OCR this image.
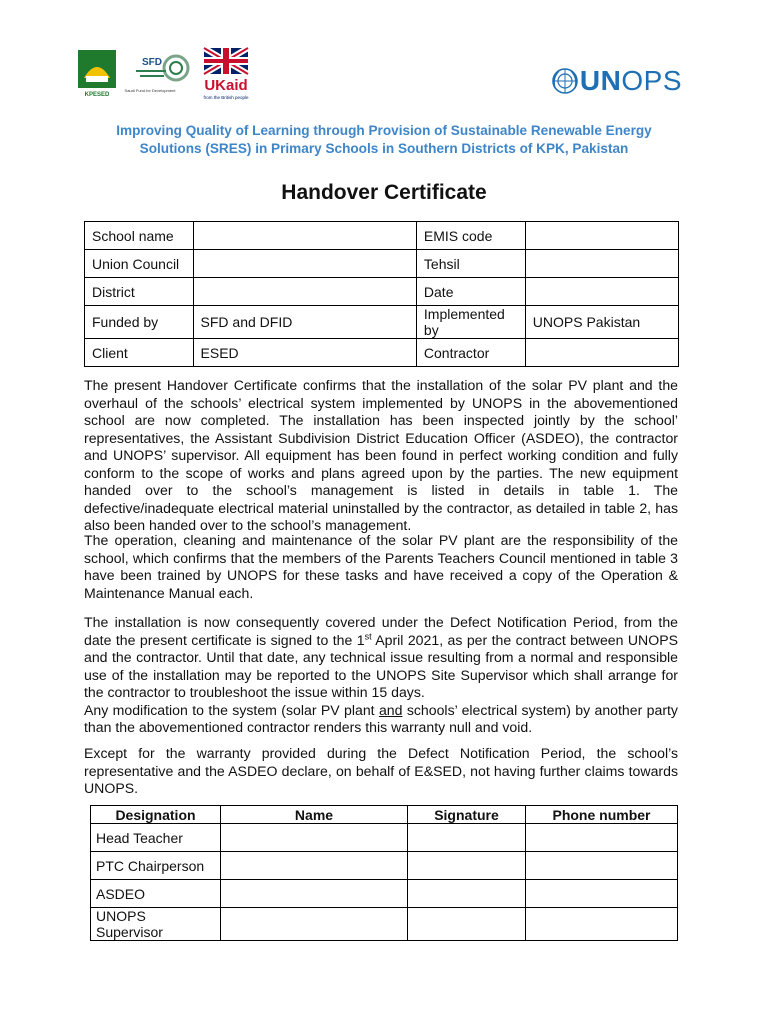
KPESED
SFD
Saudi Fund for Development UKaid
from the British people
UNOPS
Improving Quality of Learning through Provision of Sustainable Renewable Energy
Solutions (SRES) in Primary Schools in Southern Districts of KPK, Pakistan
Handover Certificate
School name		EMIS code	
Union Council		Tehsil	
District		Date	
Funded by	SFD and DFID	Implemented by	UNOPS Pakistan
Client	ESED	Contractor	

The present Handover Certificate confirms that the installation of the solar PV plant and the overhaul of the schools’ electrical system implemented by UNOPS in the abovementioned school are now completed. The installation has been inspected jointly by the school’ representatives, the Assistant Subdivision District Education Officer (ASDEO), the contractor and UNOPS’ supervisor. All equipment has been found in perfect working condition and fully conform to the scope of works and plans agreed upon by the parties. The new equipment handed over to the school’s management is listed in details in table 1. The defective/inadequate electrical material uninstalled by the contractor, as detailed in table 2, has also been handed over to the school’s management.

The operation, cleaning and maintenance of the solar PV plant are the responsibility of the school, which confirms that the members of the Parents Teachers Council mentioned in table 3 have been trained by UNOPS for these tasks and have received a copy of the Operation & Maintenance Manual each.

The installation is now consequently covered under the Defect Notification Period, from the date the present certificate is signed to the 1st April 2021, as per the contract between UNOPS and the contractor. Until that date, any technical issue resulting from a normal and responsible use of the installation may be reported to the UNOPS Site Supervisor which shall arrange for the contractor to troubleshoot the issue within 15 days.
Any modification to the system (solar PV plant and schools’ electrical system) by another party than the abovementioned contractor renders this warranty null and void.

Except for the warranty provided during the Defect Notification Period, the school’s representative and the ASDEO declare, on behalf of E&SED, not having further claims towards UNOPS.

Designation	Name	Signature	Phone number
Head Teacher			
PTC Chairperson			
ASDEO			
UNOPS Supervisor			
